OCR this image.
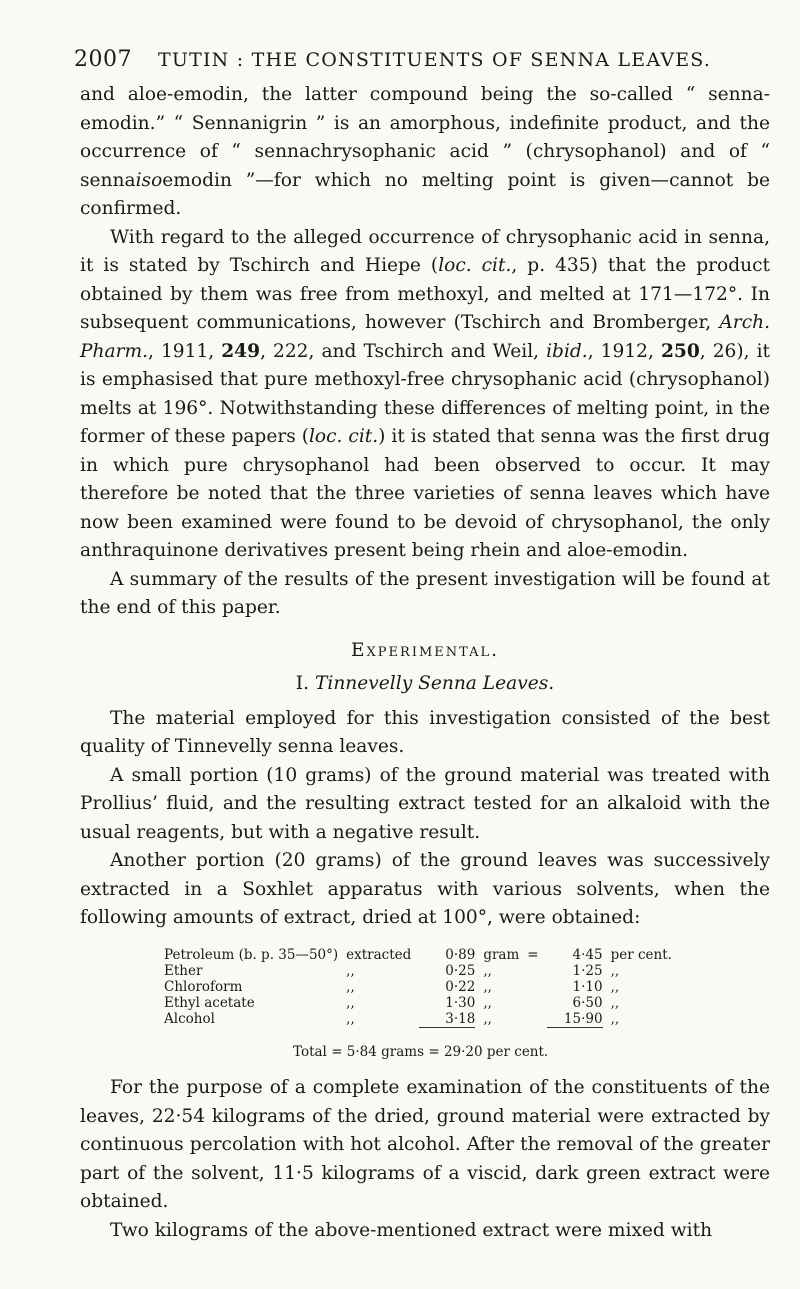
2007 TUTIN : THE CONSTITUENTS OF SENNA LEAVES.

and aloe-emodin, the latter compound being the so-called “ senna-emodin.” “ Sennanigrin ” is an amorphous, indefinite product, and the occurrence of “ sennachrysophanic acid ” (chrysophanol) and of “ sennaisoemodin ”—for which no melting point is given—cannot be confirmed.

With regard to the alleged occurrence of chrysophanic acid in senna, it is stated by Tschirch and Hiepe (loc. cit., p. 435) that the product obtained by them was free from methoxyl, and melted at 171—172°. In subsequent communications, however (Tschirch and Bromberger, Arch. Pharm., 1911, 249, 222, and Tschirch and Weil, ibid., 1912, 250, 26), it is emphasised that pure methoxyl-free chrysophanic acid (chrysophanol) melts at 196°. Notwithstanding these differences of melting point, in the former of these papers (loc. cit.) it is stated that senna was the first drug in which pure chrysophanol had been observed to occur. It may therefore be noted that the three varieties of senna leaves which have now been examined were found to be devoid of chrysophanol, the only anthraquinone derivatives present being rhein and aloe-emodin.

A summary of the results of the present investigation will be found at the end of this paper.

Experimental.
I. Tinnevelly Senna Leaves.

The material employed for this investigation consisted of the best quality of Tinnevelly senna leaves.

A small portion (10 grams) of the ground material was treated with Prollius’ fluid, and the resulting extract tested for an alkaloid with the usual reagents, but with a negative result.

Another portion (20 grams) of the ground leaves was successively extracted in a Soxhlet apparatus with various solvents, when the following amounts of extract, dried at 100°, were obtained:

Petroleum (b. p. 35—50°)	extracted	0·89	gram	=	4·45	per cent.
Ether	,,	0·25	,,		1·25	,,
Chloroform	,,	0·22	,,		1·10	,,
Ethyl acetate	,,	1·30	,,		6·50	,,
Alcohol	,,	3·18	,,		15·90	,,
Total = 5·84 grams = 29·20 per cent.

For the purpose of a complete examination of the constituents of the leaves, 22·54 kilograms of the dried, ground material were extracted by continuous percolation with hot alcohol. After the removal of the greater part of the solvent, 11·5 kilograms of a viscid, dark green extract were obtained.

Two kilograms of the above-mentioned extract were mixed with
